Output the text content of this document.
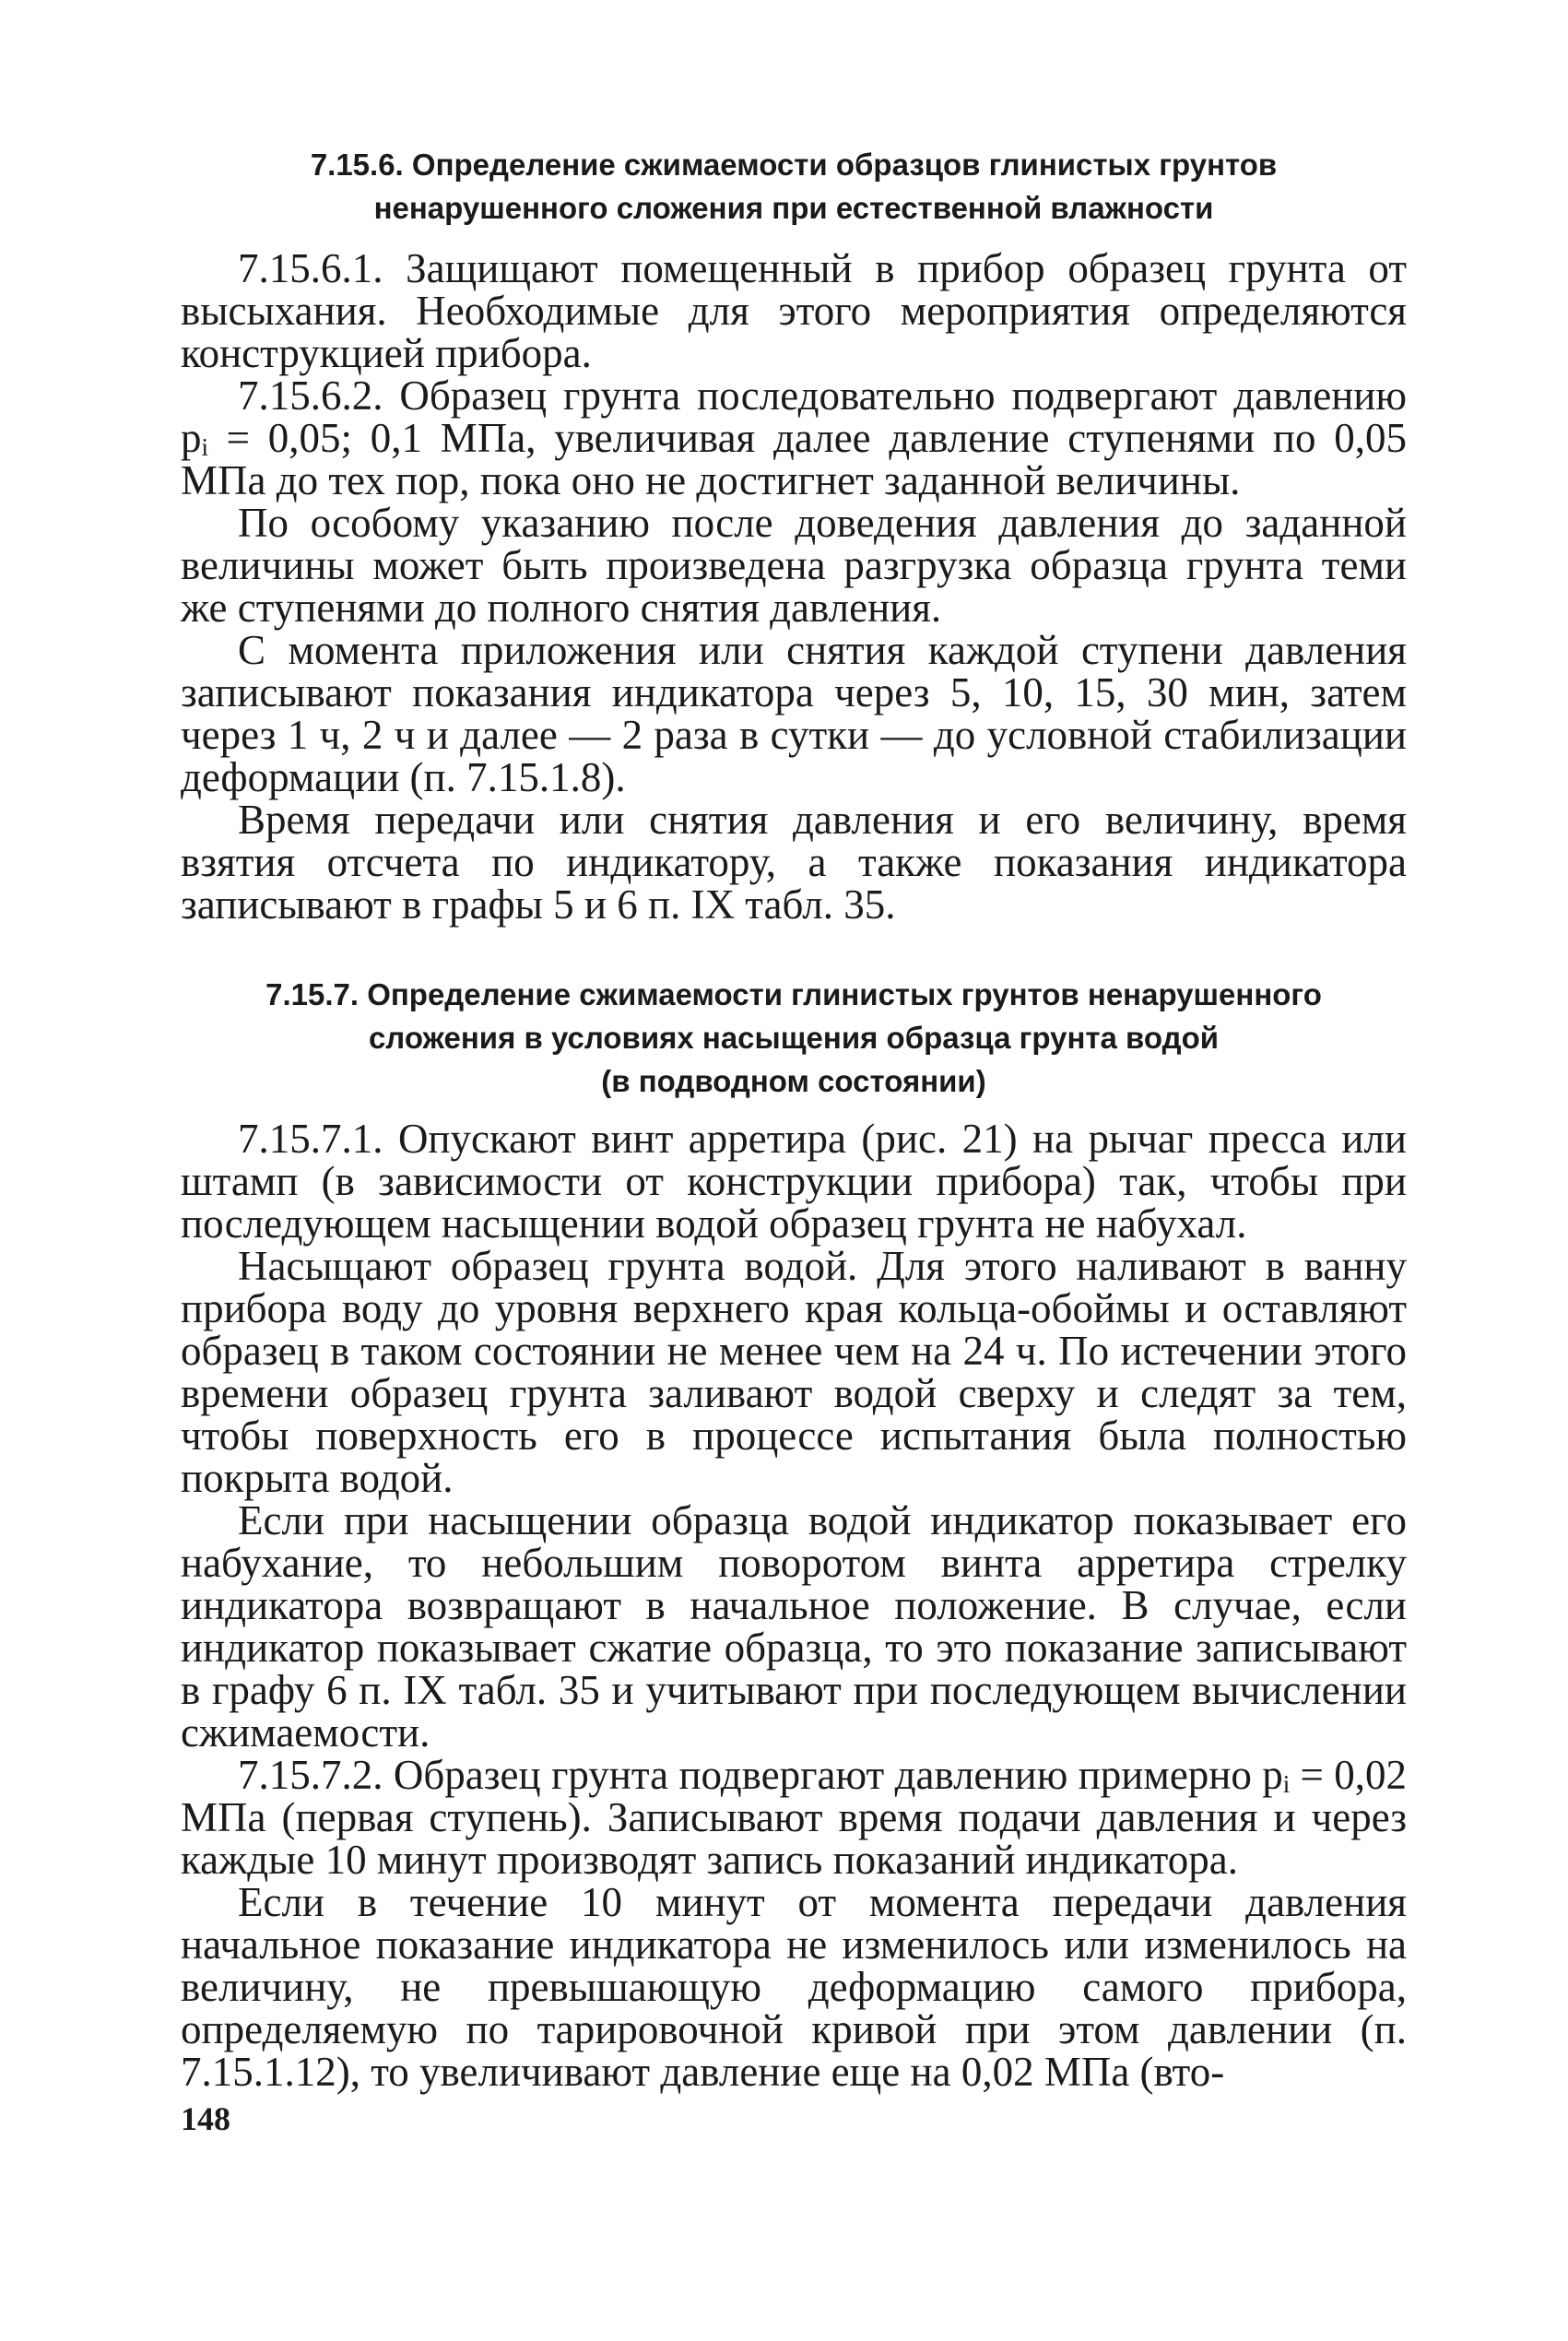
7.15.6. Определение сжимаемости образцов глинистых грунтов
ненарушенного сложения при естественной влажности

7.15.6.1. Защищают помещенный в прибор образец грунта от высыхания. Необходимые для этого мероприятия определяются конструкцией прибора.

7.15.6.2. Образец грунта последовательно подвергают давлению pᵢ = 0,05; 0,1 МПа, увеличивая далее давление ступенями по 0,05 МПа до тех пор, пока оно не достигнет заданной величины.

По особому указанию после доведения давления до заданной величины может быть произведена разгрузка образца грунта теми же ступенями до полного снятия давления.

С момента приложения или снятия каждой ступени давления записывают показания индикатора через 5, 10, 15, 30 мин, затем через 1 ч, 2 ч и далее — 2 раза в сутки — до условной стабилизации деформации (п. 7.15.1.8).

Время передачи или снятия давления и его величину, время взятия отсчета по индикатору, а также показания индикатора записывают в графы 5 и 6 п. IX табл. 35.

7.15.7. Определение сжимаемости глинистых грунтов ненарушенного
сложения в условиях насыщения образца грунта водой
(в подводном состоянии)

7.15.7.1. Опускают винт арретира (рис. 21) на рычаг пресса или штамп (в зависимости от конструкции прибора) так, чтобы при последующем насыщении водой образец грунта не набухал.

Насыщают образец грунта водой. Для этого наливают в ванну прибора воду до уровня верхнего края кольца-обоймы и оставляют образец в таком состоянии не менее чем на 24 ч. По истечении этого времени образец грунта заливают водой сверху и следят за тем, чтобы поверхность его в процессе испытания была полностью покрыта водой.

Если при насыщении образца водой индикатор показывает его набухание, то небольшим поворотом винта арретира стрелку индикатора возвращают в начальное положение. В случае, если индикатор показывает сжатие образца, то это показание записывают в графу 6 п. IX табл. 35 и учитывают при последующем вычислении сжимаемости.

7.15.7.2. Образец грунта подвергают давлению примерно pᵢ = 0,02 МПа (первая ступень). Записывают время подачи давления и через каждые 10 минут производят запись показаний индикатора.

Если в течение 10 минут от момента передачи давления начальное показание индикатора не изменилось или изменилось на величину, не превышающую деформацию самого прибора, определяемую по тарировочной кривой при этом давлении (п. 7.15.1.12), то увеличивают давление еще на 0,02 МПа (вто-

148
